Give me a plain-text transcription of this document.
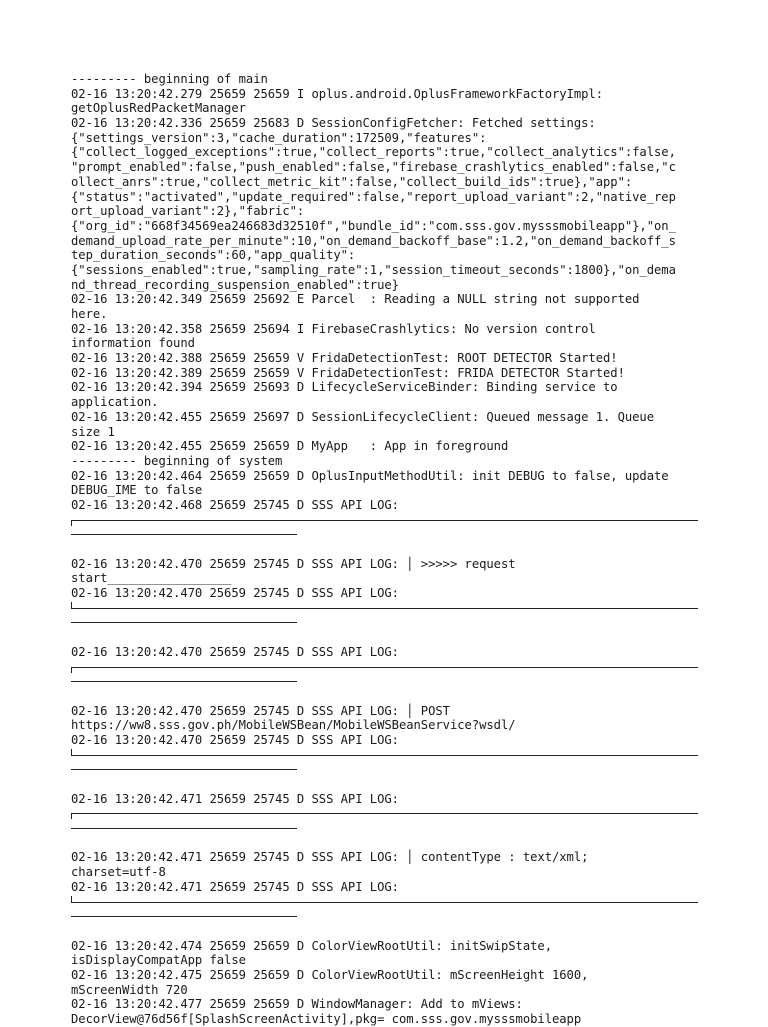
--------- beginning of main
02-16 13:20:42.279 25659 25659 I oplus.android.OplusFrameworkFactoryImpl:
getOplusRedPacketManager
02-16 13:20:42.336 25659 25683 D SessionConfigFetcher: Fetched settings:
{"settings_version":3,"cache_duration":172509,"features":
{"collect_logged_exceptions":true,"collect_reports":true,"collect_analytics":false,
"prompt_enabled":false,"push_enabled":false,"firebase_crashlytics_enabled":false,"c
ollect_anrs":true,"collect_metric_kit":false,"collect_build_ids":true},"app":
{"status":"activated","update_required":false,"report_upload_variant":2,"native_rep
ort_upload_variant":2},"fabric":
{"org_id":"668f34569ea246683d32510f","bundle_id":"com.sss.gov.mysssmobileapp"},"on_
demand_upload_rate_per_minute":10,"on_demand_backoff_base":1.2,"on_demand_backoff_s
tep_duration_seconds":60,"app_quality":
{"sessions_enabled":true,"sampling_rate":1,"session_timeout_seconds":1800},"on_dema
nd_thread_recording_suspension_enabled":true}
02-16 13:20:42.349 25659 25692 E Parcel  : Reading a NULL string not supported
here.
02-16 13:20:42.358 25659 25694 I FirebaseCrashlytics: No version control
information found
02-16 13:20:42.388 25659 25659 V FridaDetectionTest: ROOT DETECTOR Started!
02-16 13:20:42.389 25659 25659 V FridaDetectionTest: FRIDA DETECTOR Started!
02-16 13:20:42.394 25659 25693 D LifecycleServiceBinder: Binding service to
application.
02-16 13:20:42.455 25659 25697 D SessionLifecycleClient: Queued message 1. Queue
size 1
02-16 13:20:42.455 25659 25659 D MyApp   : App in foreground
--------- beginning of system
02-16 13:20:42.464 25659 25659 D OplusInputMethodUtil: init DEBUG to false, update
DEBUG_IME to false
02-16 13:20:42.468 25659 25745 D SSS API LOG:
02-16 13:20:42.470 25659 25745 D SSS API LOG: │ >>>>> request
start_________________
02-16 13:20:42.470 25659 25745 D SSS API LOG:
02-16 13:20:42.470 25659 25745 D SSS API LOG:
02-16 13:20:42.470 25659 25745 D SSS API LOG: │ POST
https://ww8.sss.gov.ph/MobileWSBean/MobileWSBeanService?wsdl/
02-16 13:20:42.470 25659 25745 D SSS API LOG:
02-16 13:20:42.471 25659 25745 D SSS API LOG:
02-16 13:20:42.471 25659 25745 D SSS API LOG: │ contentType : text/xml;
charset=utf-8
02-16 13:20:42.471 25659 25745 D SSS API LOG:
02-16 13:20:42.474 25659 25659 D ColorViewRootUtil: initSwipState,
isDisplayCompatApp false
02-16 13:20:42.475 25659 25659 D ColorViewRootUtil: mScreenHeight 1600,
mScreenWidth 720
02-16 13:20:42.477 25659 25659 D WindowManager: Add to mViews:
DecorView@76d56f[SplashScreenActivity],pkg= com.sss.gov.mysssmobileapp
